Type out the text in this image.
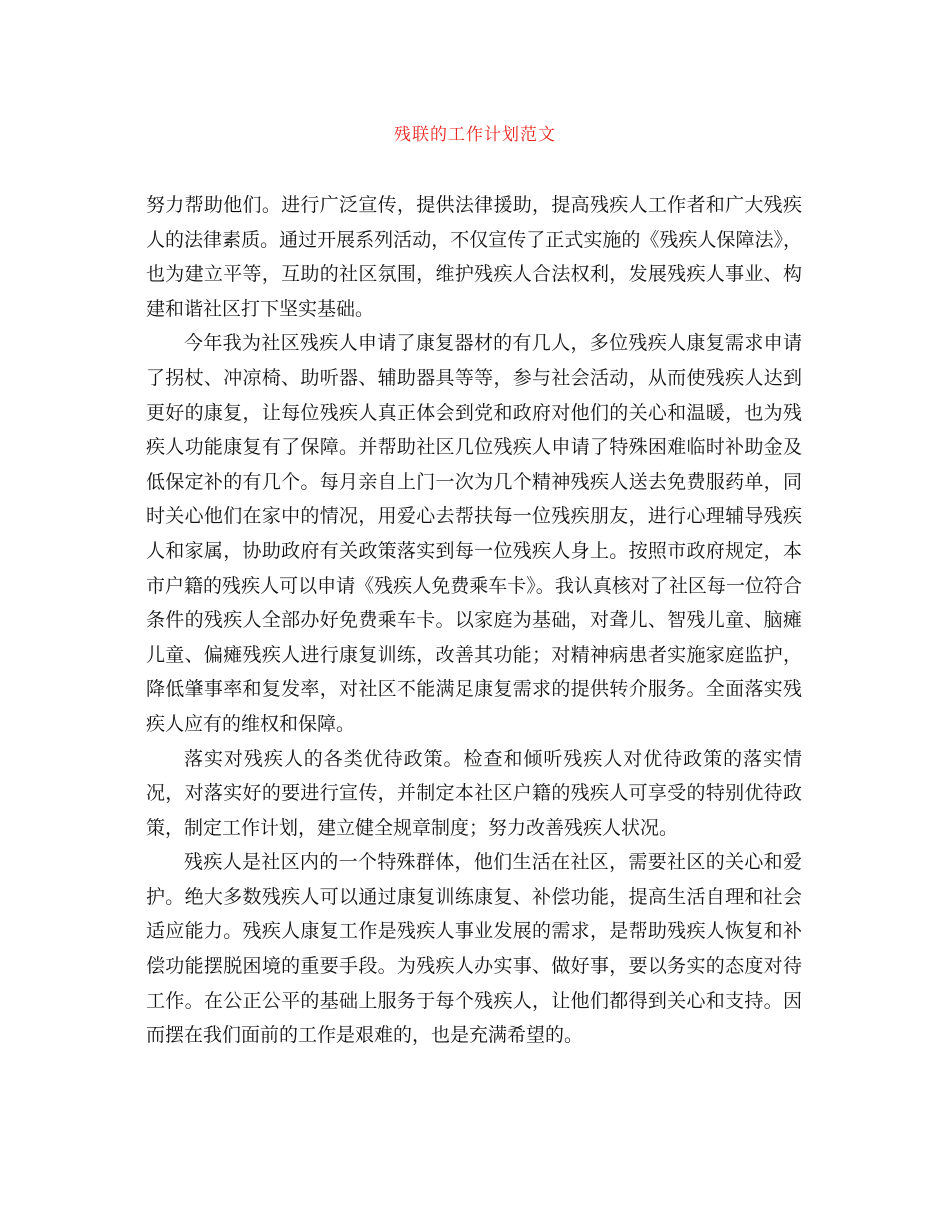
残联的工作计划范文

努力帮助他们。进行广泛宣传，提供法律援助，提高残疾人工作者和广大残疾人的法律素质。通过开展系列活动，不仅宣传了正式实施的《残疾人保障法》，也为建立平等，互助的社区氛围，维护残疾人合法权利，发展残疾人事业、构建和谐社区打下坚实基础。

今年我为社区残疾人申请了康复器材的有几人，多位残疾人康复需求申请了拐杖、冲凉椅、助听器、辅助器具等等，参与社会活动，从而使残疾人达到更好的康复，让每位残疾人真正体会到党和政府对他们的关心和温暖，也为残疾人功能康复有了保障。并帮助社区几位残疾人申请了特殊困难临时补助金及低保定补的有几个。每月亲自上门一次为几个精神残疾人送去免费服药单，同时关心他们在家中的情况，用爱心去帮扶每一位残疾朋友，进行心理辅导残疾人和家属，协助政府有关政策落实到每一位残疾人身上。按照市政府规定，本市户籍的残疾人可以申请《残疾人免费乘车卡》。我认真核对了社区每一位符合条件的残疾人全部办好免费乘车卡。以家庭为基础，对聋儿、智残儿童、脑瘫儿童、偏瘫残疾人进行康复训练，改善其功能；对精神病患者实施家庭监护，降低肇事率和复发率，对社区不能满足康复需求的提供转介服务。全面落实残疾人应有的维权和保障。

落实对残疾人的各类优待政策。检查和倾听残疾人对优待政策的落实情况，对落实好的要进行宣传，并制定本社区户籍的残疾人可享受的特别优待政策，制定工作计划，建立健全规章制度；努力改善残疾人状况。

残疾人是社区内的一个特殊群体，他们生活在社区，需要社区的关心和爱护。绝大多数残疾人可以通过康复训练康复、补偿功能，提高生活自理和社会适应能力。残疾人康复工作是残疾人事业发展的需求，是帮助残疾人恢复和补偿功能摆脱困境的重要手段。为残疾人办实事、做好事，要以务实的态度对待工作。在公正公平的基础上服务于每个残疾人，让他们都得到关心和支持。因而摆在我们面前的工作是艰难的，也是充满希望的。
